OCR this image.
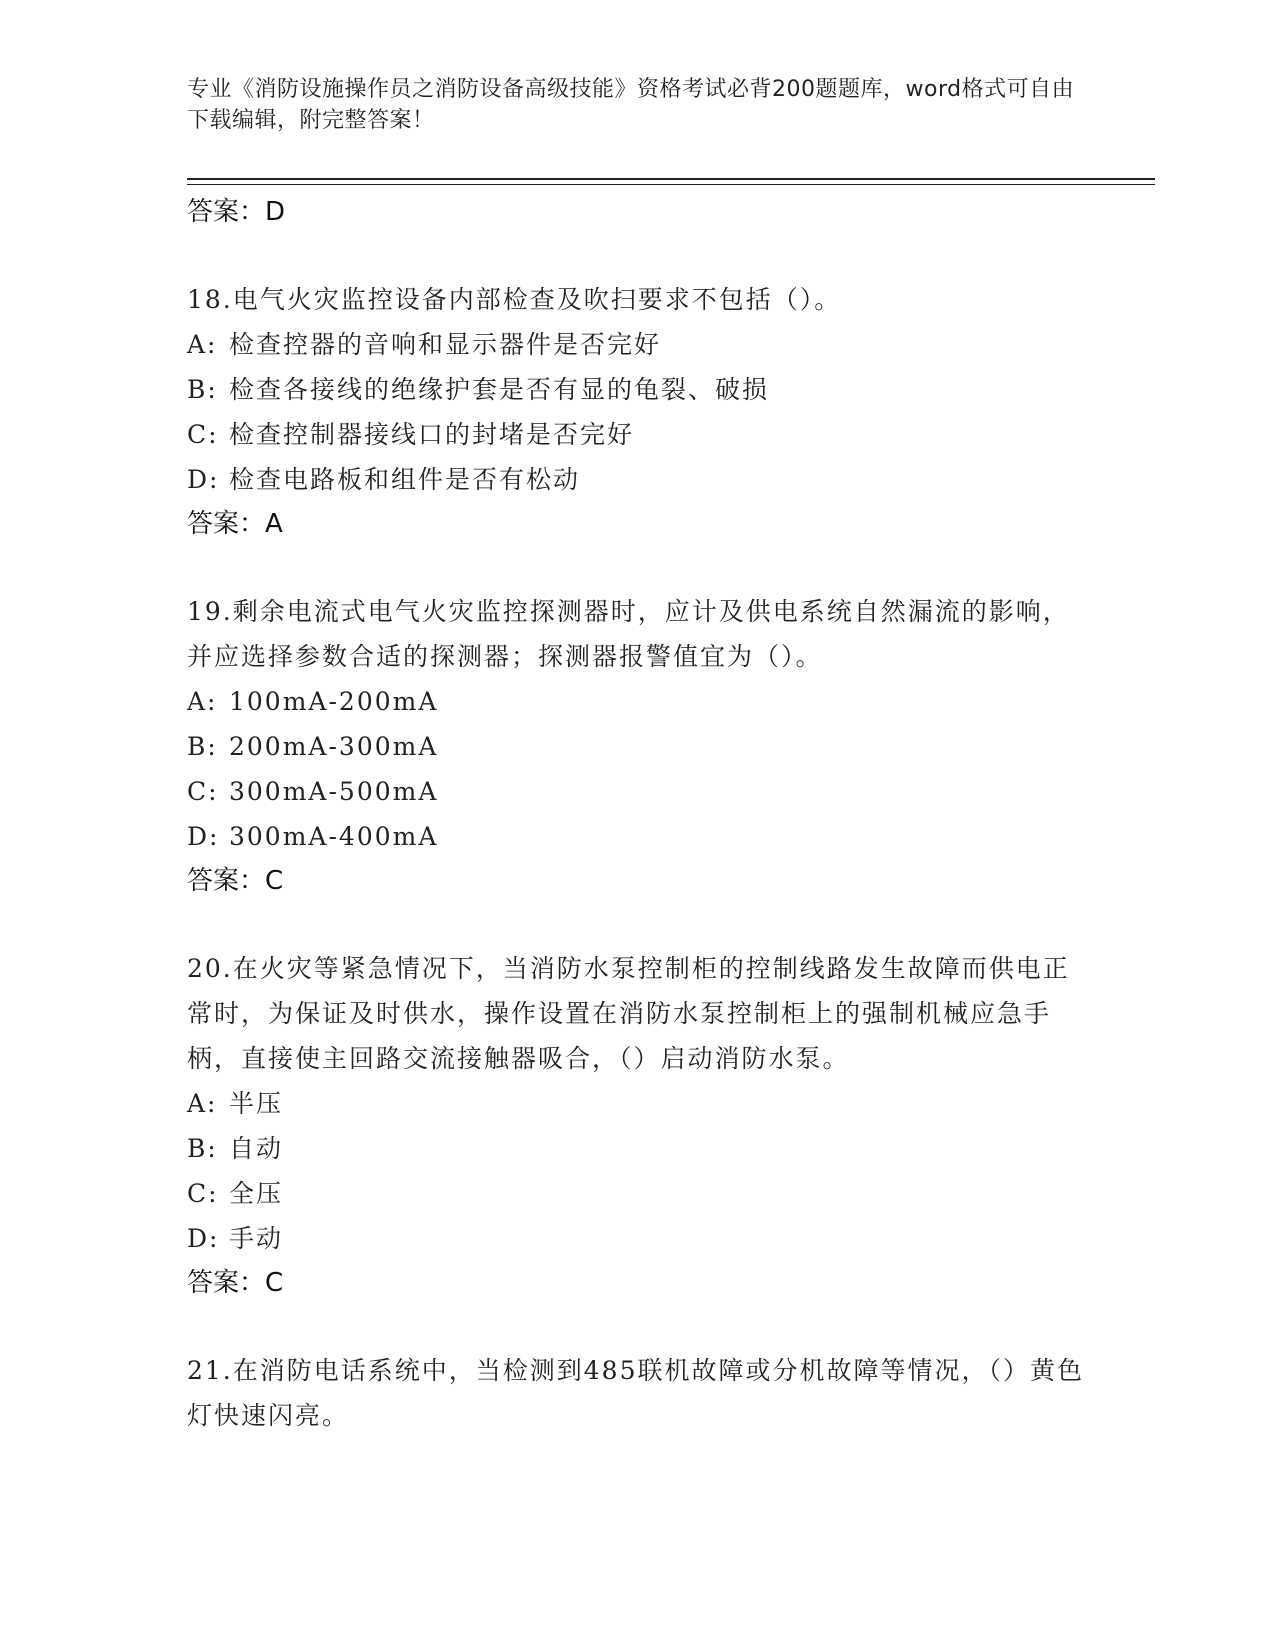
专业《消防设施操作员之消防设备高级技能》资格考试必背200题题库，word格式可自由下载编辑，附完整答案！
答案：D
18.电气火灾监控设备内部检查及吹扫要求不包括（）。
A: 检查控器的音响和显示器件是否完好
B: 检查各接线的绝缘护套是否有显的龟裂、破损
C: 检查控制器接线口的封堵是否完好
D: 检查电路板和组件是否有松动
答案：A
19.剩余电流式电气火灾监控探测器时，应计及供电系统自然漏流的影响，并应选择参数合适的探测器；探测器报警值宜为（）。
A: 100mA-200mA
B: 200mA-300mA
C: 300mA-500mA
D: 300mA-400mA
答案：C
20.在火灾等紧急情况下，当消防水泵控制柜的控制线路发生故障而供电正常时，为保证及时供水，操作设置在消防水泵控制柜上的强制机械应急手柄，直接使主回路交流接触器吸合，（）启动消防水泵。
A: 半压
B: 自动
C: 全压
D: 手动
答案：C
21.在消防电话系统中，当检测到485联机故障或分机故障等情况，（）黄色灯快速闪亮。
